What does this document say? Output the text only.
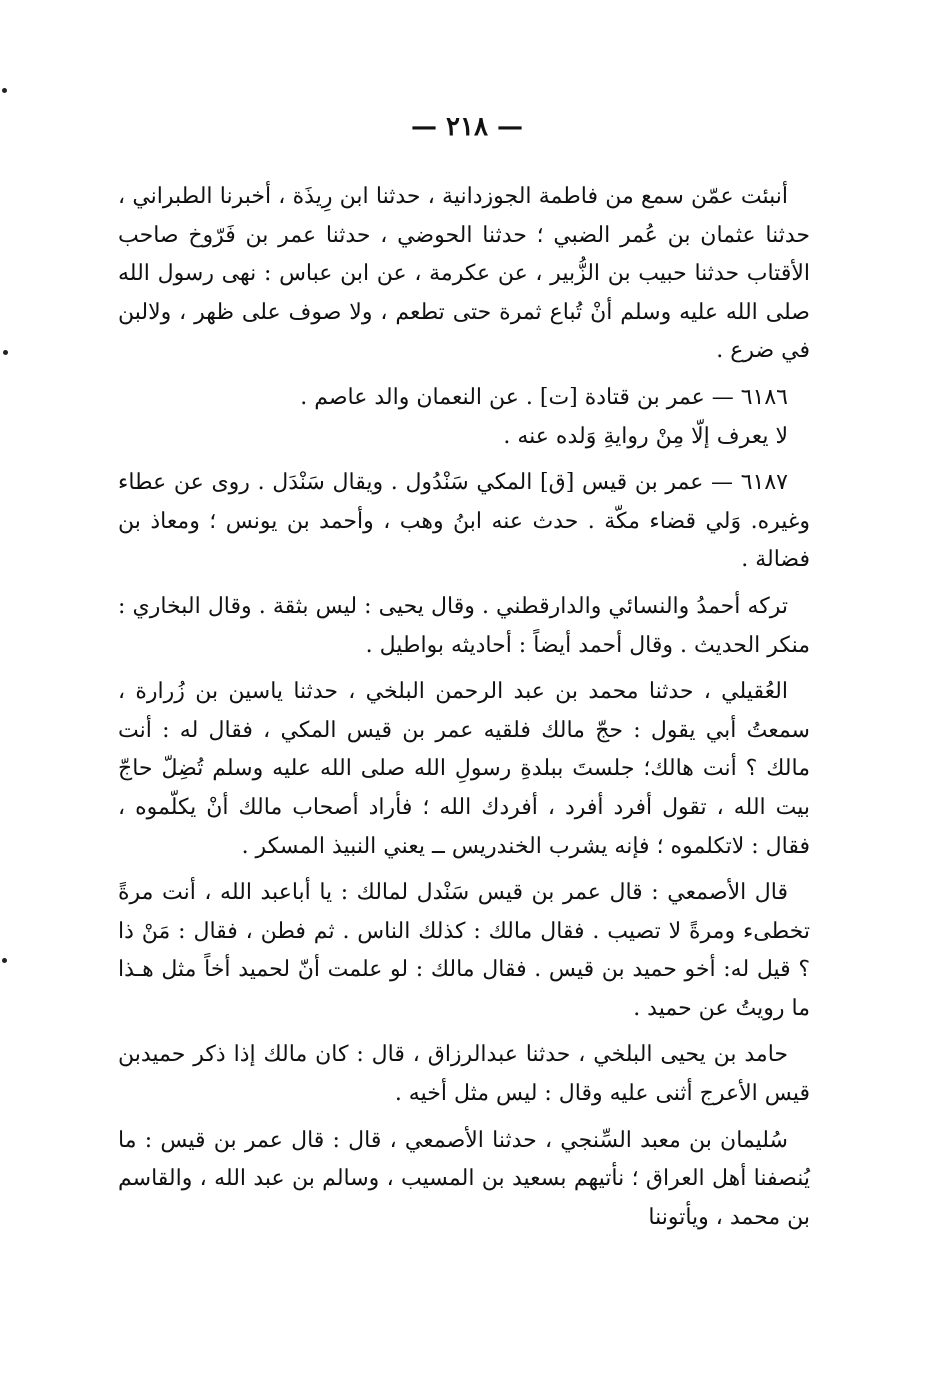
— ٢١٨ —

أنبئت عمّن سمع من فاطمة الجوزدانية ، حدثنا ابن رِيذَة ، أخبرنا الطبراني ، حدثنا عثمان بن عُمر الضبي ؛ حدثنا الحوضي ، حدثنا عمر بن فَرّوخ صاحب الأقتاب حدثنا حبيب بن الزُّبير ، عن عكرمة ، عن ابن عباس : نهى رسول الله صلى الله عليه وسلم أنْ تُباع ثمرة حتى تطعم ، ولا صوف على ظهر ، ولالبن في ضرع .

٦١٨٦ — عمر بن قتادة [ت] . عن النعمان والد عاصم .

لا يعرف إلّا مِنْ روايةِ وَلده عنه .

٦١٨٧ — عمر بن قيس [ق] المكي سَنْدُول . ويقال سَنْدَل . روى عن عطاء وغيره. وَلي قضاء مكّة . حدث عنه ابنُ وهب ، وأحمد بن يونس ؛ ومعاذ بن فضالة .

تركه أحمدُ والنسائي والدارقطني . وقال يحيى : ليس بثقة . وقال البخاري : منكر الحديث . وقال أحمد أيضاً : أحاديثه بواطيل .

العُقيلي ، حدثنا محمد بن عبد الرحمن البلخي ، حدثنا ياسين بن زُرارة ، سمعتُ أبي يقول : حجّ مالك فلقيه عمر بن قيس المكي ، فقال له : أنت مالك ؟ أنت هالك؛ جلستَ ببلدةِ رسولِ الله صلى الله عليه وسلم تُضِلّ حاجّ بيت الله ، تقول أفرد أفرد ، أفردك الله ؛ فأراد أصحاب مالك أنْ يكلّموه ، فقال : لاتكلموه ؛ فإنه يشرب الخندريس ــ يعني النبيذ المسكر .

قال الأصمعي : قال عمر بن قيس سَنْدل لمالك : يا أباعبد الله ، أنت مرةً تخطىء ومرةً لا تصيب . فقال مالك : كذلك الناس . ثم فطن ، فقال : مَنْ ذا ؟ قيل له: أخو حميد بن قيس . فقال مالك : لو علمت أنّ لحميد أخاً مثل هـذا ما رويتُ عن حميد .

حامد بن يحيى البلخي ، حدثنا عبدالرزاق ، قال : كان مالك إذا ذكر حميدبن قيس الأعرج أثنى عليه وقال : ليس مثل أخيه .

سُليمان بن معبد السِّنجي ، حدثنا الأصمعي ، قال : قال عمر بن قيس : ما يُنصفنا أهل العراق ؛ نأتيهم بسعيد بن المسيب ، وسالم بن عبد الله ، والقاسم بن محمد ، ويأتوننا
